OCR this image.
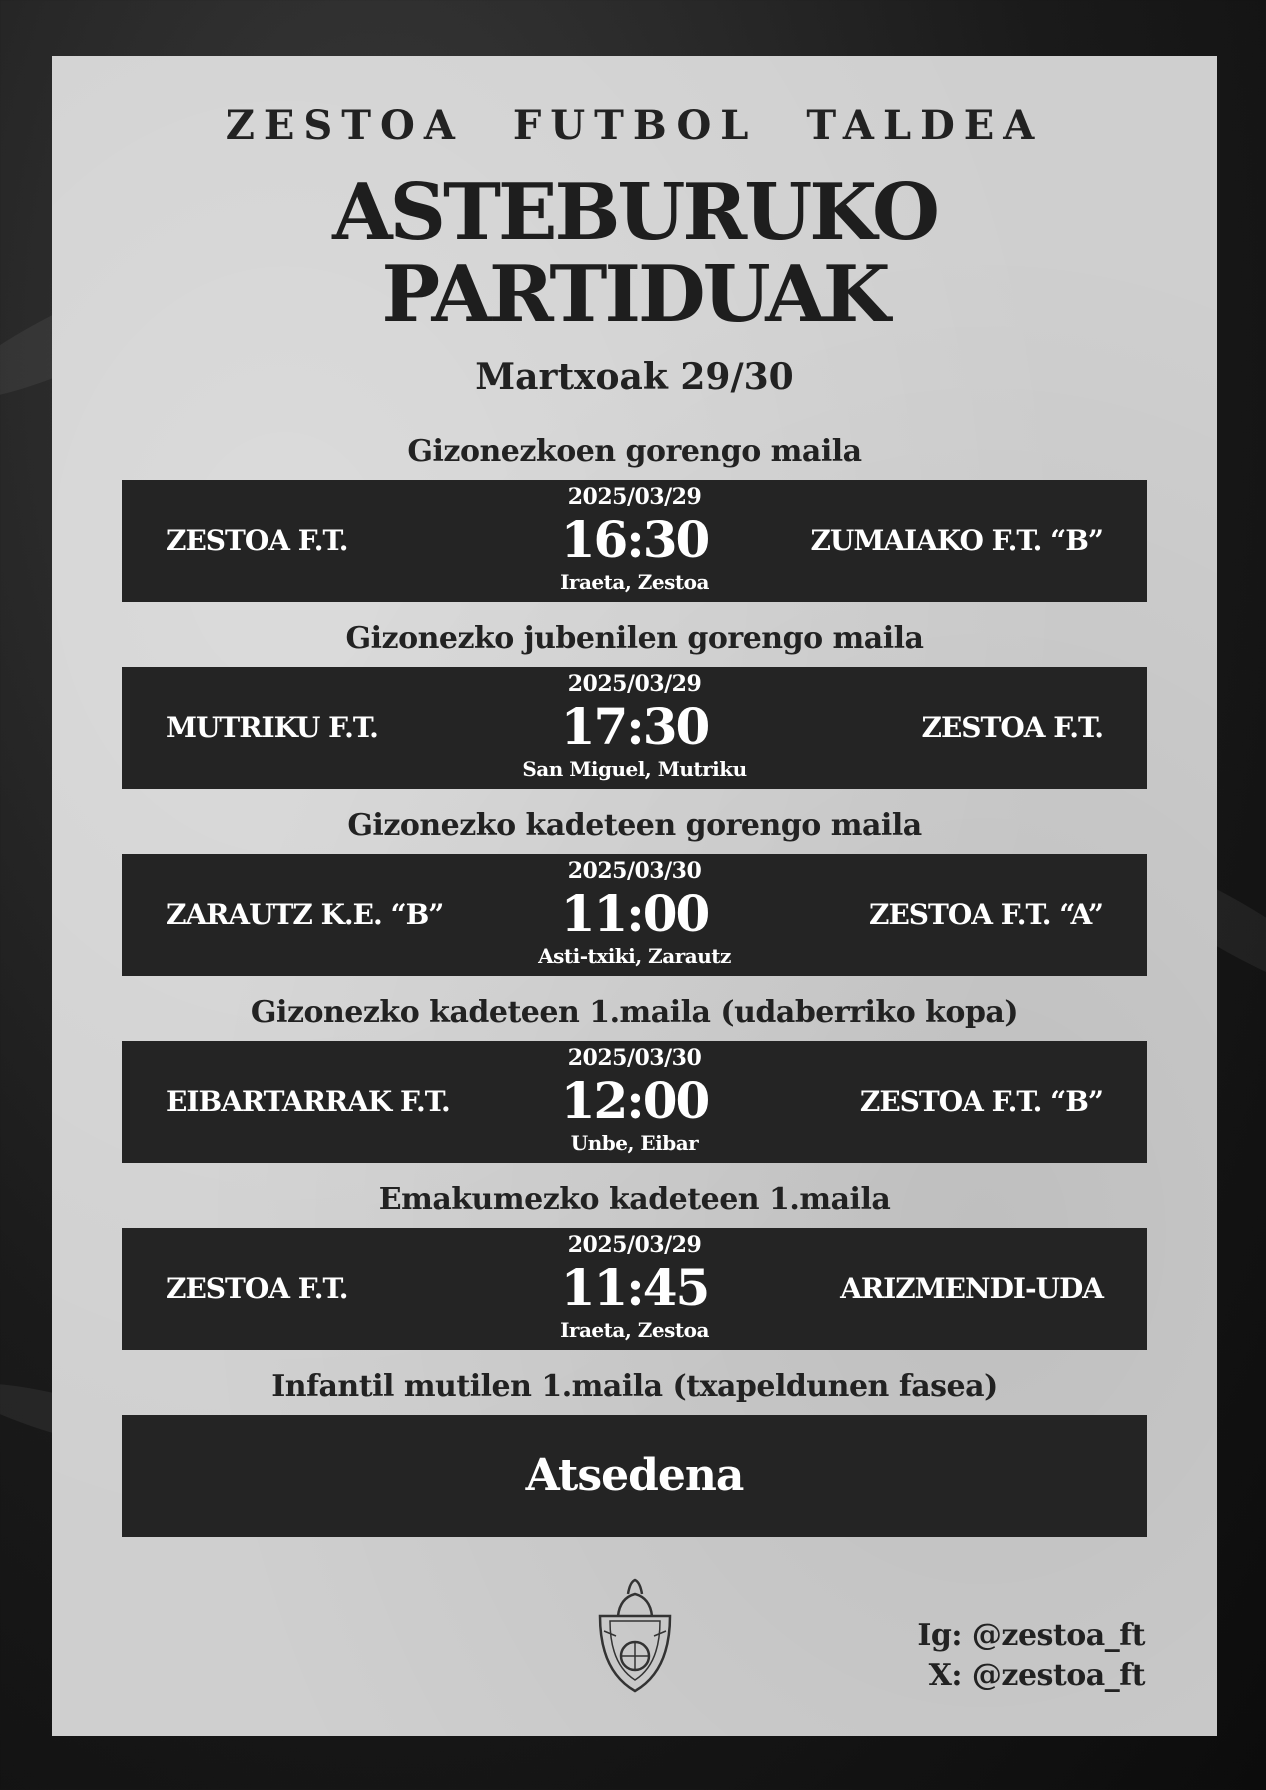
ZESTOA FUTBOL TALDEA
ASTEBURUKO
PARTIDUAK
Martxoak 29/30
Gizonezkoen gorengo maila
ZESTOA F.T.
2025/03/29
16:30
Iraeta, Zestoa
ZUMAIAKO F.T. “B”
Gizonezko jubenilen gorengo maila
MUTRIKU F.T.
2025/03/29
17:30
San Miguel, Mutriku
ZESTOA F.T.
Gizonezko kadeteen gorengo maila
ZARAUTZ K.E. “B”
2025/03/30
11:00
Asti-txiki, Zarautz
ZESTOA F.T. “A”
Gizonezko kadeteen 1.maila (udaberriko kopa)
EIBARTARRAK F.T.
2025/03/30
12:00
Unbe, Eibar
ZESTOA F.T. “B”
Emakumezko kadeteen 1.maila
ZESTOA F.T.
2025/03/29
11:45
Iraeta, Zestoa
ARIZMENDI-UDA
Infantil mutilen 1.maila (txapeldunen fasea)
Atsedena
Ig: @zestoa_ft
X: @zestoa_ft
